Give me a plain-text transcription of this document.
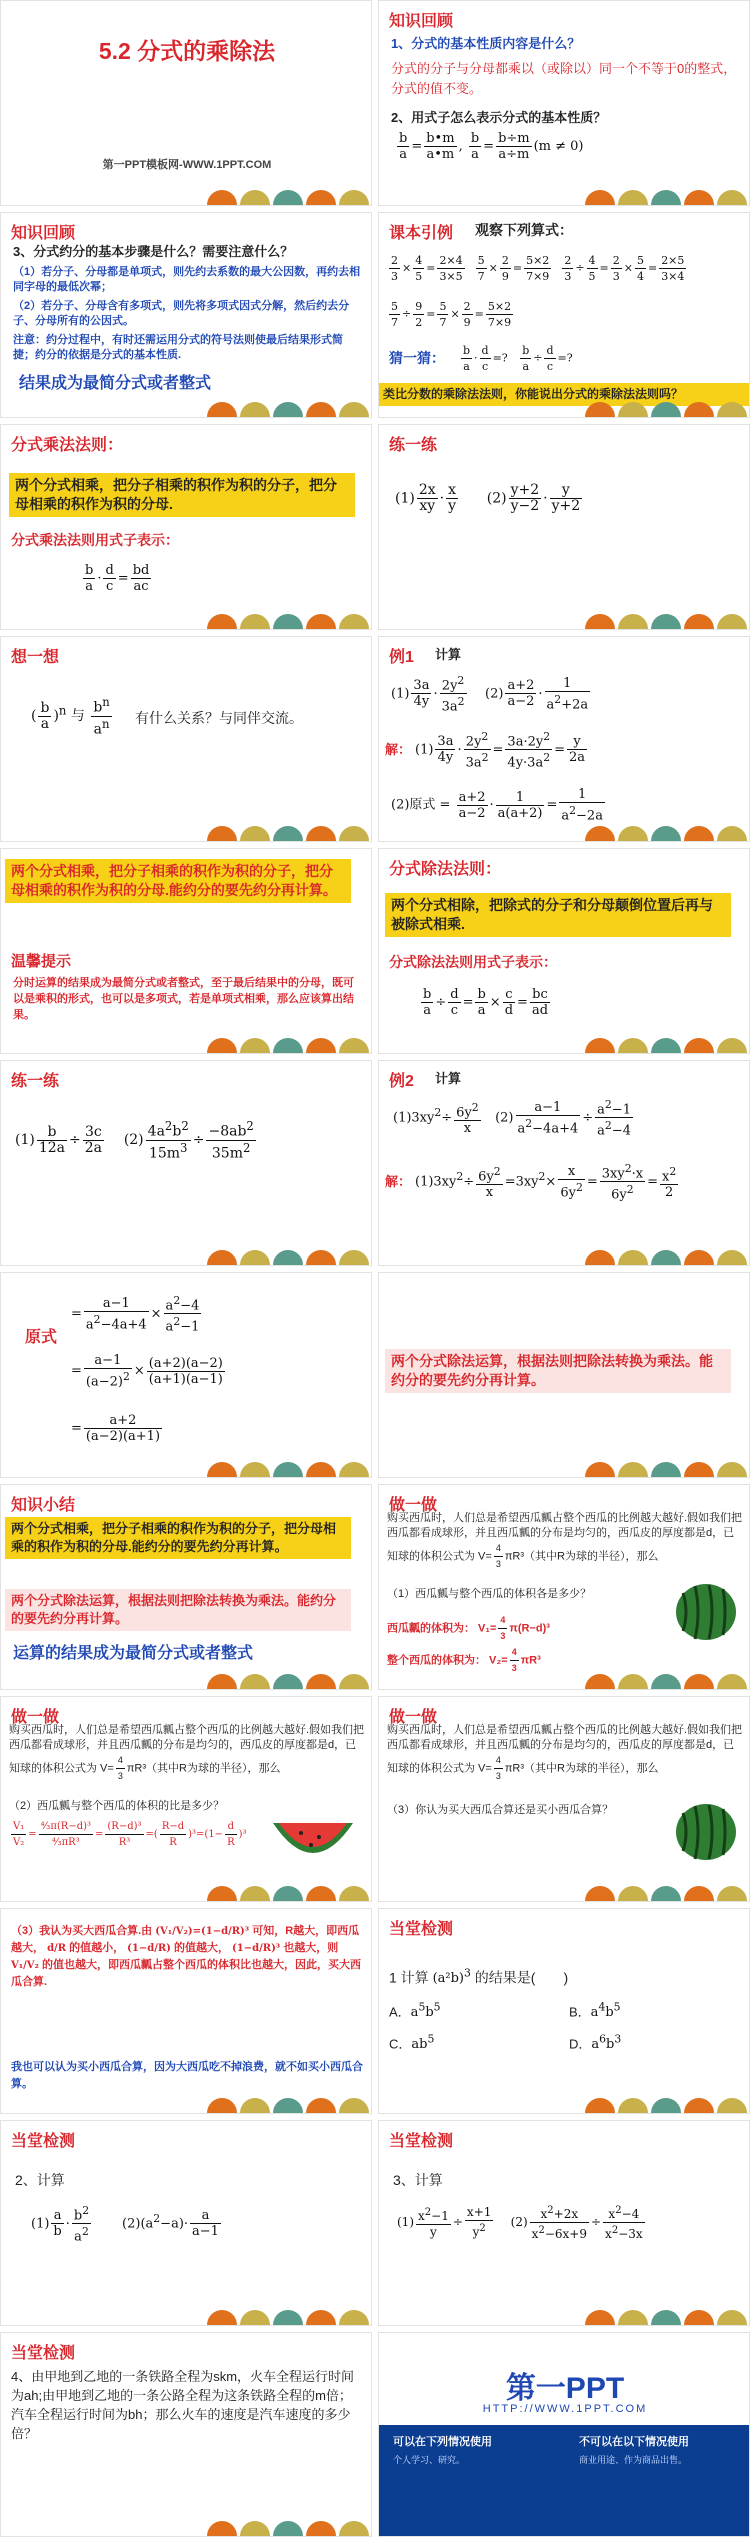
5.2 分式的乘除法
第一PPT模板网-WWW.1PPT.COM
知识回顾
1、分式的基本性质内容是什么？
分式的分子与分母都乘以（或除以）同一个不等于0的整式，分式的值不变。
2、用式子怎么表示分式的基本性质？
$\frac{b}{a} = \frac{b•m}{a•m}$ , $\frac{b}{a} = \frac{b\div m}{a\div m} (m \ne 0)$
知识回顾
3、分式约分的基本步骤是什么？需要注意什么？
（1）若分子、分母都是单项式，则先约去系数的最大公因数，再约去相同字母的最低次幂；
（2）若分子、分母含有多项式，则先将多项式因式分解，然后约去分子、分母所有的公因式。
注意：约分过程中，有时还需运用分式的符号法则使最后结果形式简捷；约分的依据是分式的基本性质.
结果成为最简分式或者整式
课本引例 观察下列算式：
$\frac{2}{3} \times \frac{4}{5} = \frac{2\times 4}{3\times 5}$
$\frac{5}{7} \times \frac{2}{9} = \frac{5\times 2}{7\times 9}$
$\frac{2}{3} \div \frac{4}{5} = \frac{2}{3} \times \frac{5}{4} = \frac{2\times 5}{3\times 4}$
$\frac{5}{7} \div \frac{9}{2} = \frac{5}{7} \times \frac{2}{9} = \frac{5\times 2}{7\times 9}$
猜一猜： $\frac{b}{a} \cdot \frac{d}{c}$ =? $\frac{b}{a} \div \frac{d}{c}$ =?
类比分数的乘除法法则，你能说出分式的乘除法法则吗？
分式乘法法则：
两个分式相乘，把分子相乘的积作为积的分子，把分母相乘的积作为积的分母.
分式乘法法则用式子表示：
$\frac{b}{a} \cdot \frac{d}{c} = \frac{bd}{ac}$
练一练
$(1) \frac{2x}{xy} \cdot \frac{x}{y} (2) \frac{y+2}{y-2} \cdot \frac{y}{y+2}$
想一想
( $\frac{b}{a} )^n$ 与 $\frac{b^n}{a^n}$ 有什么关系？与同伴交流。
例1 计算
$(1) \frac{3a}{4y} \cdot \frac{2y^2}{3a^2} (2) \frac{a+2}{a-2} \cdot \frac{1}{a^2+2a}$
解： $(1) \frac{3a}{4y} \cdot \frac{2y^2}{3a^2} = \frac{3a\cdot 2y^2}{4y\cdot 3a^2} = \frac{y}{2a}$
(2)原式 = $\frac{a+2}{a-2} \cdot \frac{1}{a(a+2)} = \frac{1}{a^2-2a}$
两个分式相乘，把分子相乘的积作为积的分子，把分母相乘的积作为积的分母.能约分的要先约分再计算。
温馨提示
分时运算的结果成为最简分式或者整式，至于最后结果中的分母，既可以是乘积的形式，也可以是多项式，若是单项式相乘，那么应该算出结果。
分式除法法则：
两个分式相除，把除式的分子和分母颠倒位置后再与被除式相乘.
分式除法法则用式子表示：
$\frac{b}{a} \div \frac{d}{c} = \frac{b}{a} \times \frac{c}{d} = \frac{bc}{ad}$
练一练
$(1) \frac{b}{12a} \div \frac{3c}{2a} (2) \frac{4a^2b^2}{15m^3} \div \frac{-8ab^2}{35m^2}$
例2 计算
$(1)3xy^2\div \frac{6y^2}{x} (2) \frac{a-1}{a^2-4a+4} \div \frac{a^2-1}{a^2-4}$
解： $(1)3xy^2\div \frac{6y^2}{x} =3xy^2\times \frac{x}{6y^2} = \frac{3xy^2\cdot x}{6y^2} = \frac{x^2}{2}$
原式
= $\frac{a-1}{a^2-4a+4} \times \frac{a^2-4}{a^2-1}$
= $\frac{a-1}{(a-2)^2} \times \frac{(a+2)(a-2)}{(a+1)(a-1)}$
= $\frac{a+2}{(a-2)(a+1)}$
两个分式除法运算，根据法则把除法转换为乘法。能约分的要先约分再计算。
知识小结
两个分式相乘，把分子相乘的积作为积的分子，把分母相乘的积作为积的分母.能约分的要先约分再计算。
两个分式除法运算，根据法则把除法转换为乘法。能约分的要先约分再计算。
运算的结果成为最简分式或者整式
做一做
购买西瓜时，人们总是希望西瓜瓤占整个西瓜的比例越大越好.假如我们把西瓜都看成球形，并且西瓜瓤的分布是均匀的，西瓜皮的厚度都是d，已知球的体积公式为 $V= \frac{4}{3} \pi R^3$（其中R为球的半径），那么
（1）西瓜瓤与整个西瓜的体积各是多少？
西瓜瓤的体积为： $V_1= \frac{4}{3} \pi(R-d)^3$
整个西瓜的体积为： $V_2= \frac{4}{3} \pi R^3$
做一做
购买西瓜时，人们总是希望西瓜瓤占整个西瓜的比例越大越好.假如我们把西瓜都看成球形，并且西瓜瓤的分布是均匀的，西瓜皮的厚度都是d，已知球的体积公式为 $V= \frac{4}{3} \pi R^3$（其中R为球的半径），那么
（2）西瓜瓤与整个西瓜的体积的比是多少？
$\frac{\text{V₁}}{\text{V₂}} = \frac{\text{⁴⁄₃π(R−d)³}}{\text{⁴⁄₃πR³}} = \frac{\text{(R−d)³}}{\text{R³}}$ =( $\frac{R-d}{R} )^3=(1- \frac{d}{R} )^3$
做一做
购买西瓜时，人们总是希望西瓜瓤占整个西瓜的比例越大越好.假如我们把西瓜都看成球形，并且西瓜瓤的分布是均匀的，西瓜皮的厚度都是d，已知球的体积公式为 $V= \frac{4}{3} \pi R^3$（其中R为球的半径），那么
（3）你认为买大西瓜合算还是买小西瓜合算？
（3）我认为买大西瓜合算.由 (V₁/V₂)=(1−d/R)³ 可知，R越大，即西瓜越大， d/R 的值越小， (1−d/R) 的值越大， (1−d/R)³ 也越大，则 V₁/V₂ 的值也越大，即西瓜瓤占整个西瓜的体积比也越大，因此，买大西瓜合算.
我也可以认为买小西瓜合算，因为大西瓜吃不掉浪费，就不如买小西瓜合算。
当堂检测
1 计算 $(a^2b)^3$ 的结果是(　　)
A．$a^5b^5$	B．$a^4b^5$
C．$ab^5$	D．$a^6b^3$
当堂检测
2、计算
$(1) \frac{a}{b} \cdot \frac{b^2}{a^2} (2)(a^2-a)\cdot \frac{a}{a-1}$
当堂检测
3、计算
$(1) \frac{x^2-1}{y} \div \frac{x+1}{y^2} (2) \frac{x^2+2x}{x^2-6x+9} \div \frac{x^2-4}{x^2-3x}$
当堂检测
4、由甲地到乙地的一条铁路全程为skm，火车全程运行时间为ah;由甲地到乙地的一条公路全程为这条铁路全程的m倍；汽车全程运行时间为bh；那么火车的速度是汽车速度的多少倍？
第一PPT
HTTP://WWW.1PPT.COM
可以在下列情况使用	不可以在以下情况使用
个人学习、研究。	商业用途、作为商品出售。
